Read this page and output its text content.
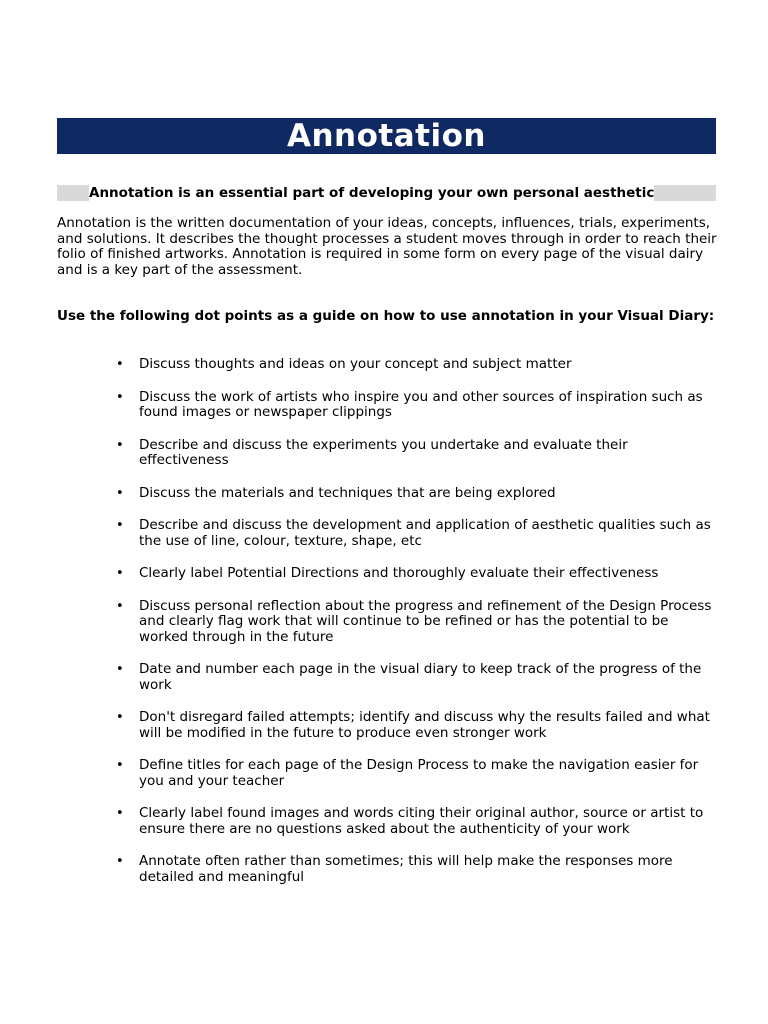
Annotation
Annotation is an essential part of developing your own personal aesthetic

Annotation is the written documentation of your ideas, concepts, influences, trials, experiments, and solutions. It describes the thought processes a student moves through in order to reach their folio of finished artworks. Annotation is required in some form on every page of the visual dairy and is a key part of the assessment.

Use the following dot points as a guide on how to use annotation in your Visual Diary:

• Discuss thoughts and ideas on your concept and subject matter
• Discuss the work of artists who inspire you and other sources of inspiration such as found images or newspaper clippings
• Describe and discuss the experiments you undertake and evaluate their effectiveness
• Discuss the materials and techniques that are being explored
• Describe and discuss the development and application of aesthetic qualities such as the use of line, colour, texture, shape, etc
• Clearly label Potential Directions and thoroughly evaluate their effectiveness
• Discuss personal reflection about the progress and refinement of the Design Process and clearly flag work that will continue to be refined or has the potential to be worked through in the future
• Date and number each page in the visual diary to keep track of the progress of the work
• Don't disregard failed attempts; identify and discuss why the results failed and what will be modified in the future to produce even stronger work
• Define titles for each page of the Design Process to make the navigation easier for you and your teacher
• Clearly label found images and words citing their original author, source or artist to ensure there are no questions asked about the authenticity of your work
• Annotate often rather than sometimes; this will help make the responses more detailed and meaningful
